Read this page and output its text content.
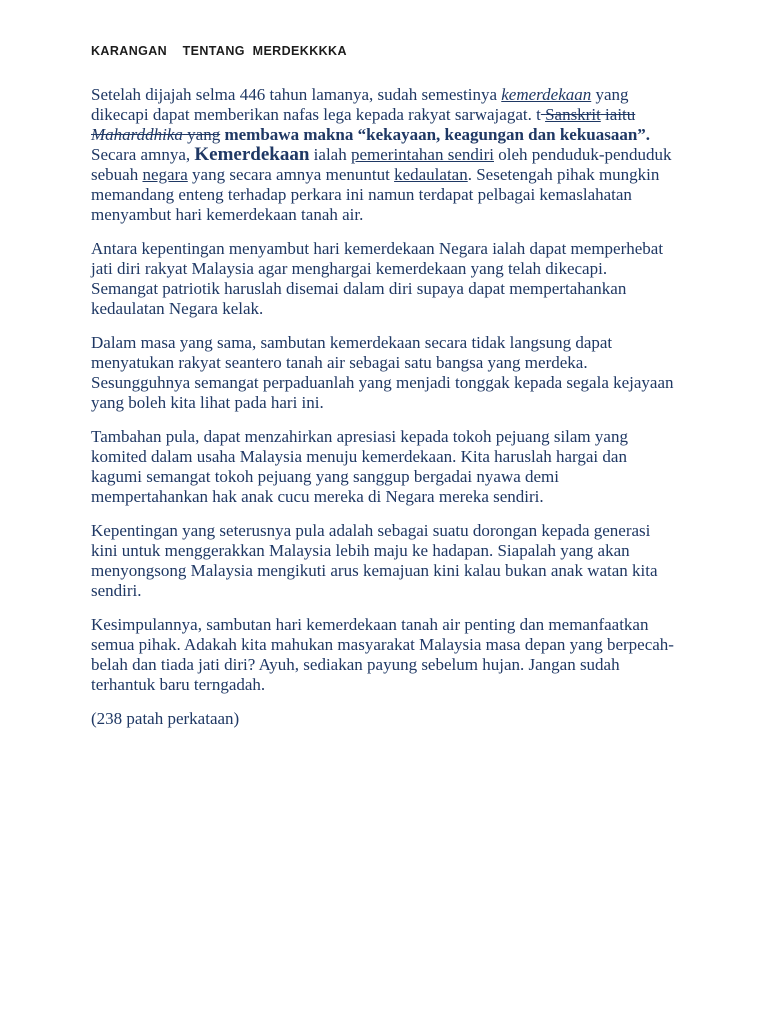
KARANGAN    TENTANG  MERDEKKKKA

Setelah dijajah selma 446 tahun lamanya, sudah semestinya kemerdekaan yang dikecapi dapat memberikan nafas lega kepada rakyat sarwajagat. t Sanskrit iaitu Maharddhika yang membawa makna “kekayaan, keagungan dan kekuasaan”. Secara amnya, Kemerdekaan ialah pemerintahan sendiri oleh penduduk-penduduk sebuah negara yang secara amnya menuntut kedaulatan. Sesetengah pihak mungkin memandang enteng terhadap perkara ini namun terdapat pelbagai kemaslahatan menyambut hari kemerdekaan tanah air.

Antara kepentingan menyambut hari kemerdekaan Negara ialah dapat memperhebat jati diri rakyat Malaysia agar menghargai kemerdekaan yang telah dikecapi. Semangat patriotik haruslah disemai dalam diri supaya dapat mempertahankan kedaulatan Negara kelak.

Dalam masa yang sama, sambutan kemerdekaan secara tidak langsung dapat menyatukan rakyat seantero tanah air sebagai satu bangsa yang merdeka. Sesungguhnya semangat perpaduanlah yang menjadi tonggak kepada segala kejayaan yang boleh kita lihat pada hari ini.

Tambahan pula, dapat menzahirkan apresiasi kepada tokoh pejuang silam yang komited dalam usaha Malaysia menuju kemerdekaan. Kita haruslah hargai dan kagumi semangat tokoh pejuang yang sanggup bergadai nyawa demi mempertahankan hak anak cucu mereka di Negara mereka sendiri.

Kepentingan yang seterusnya pula adalah sebagai suatu dorongan kepada generasi kini untuk menggerakkan Malaysia lebih maju ke hadapan. Siapalah yang akan menyongsong Malaysia mengikuti arus kemajuan kini kalau bukan anak watan kita sendiri.

Kesimpulannya, sambutan hari kemerdekaan tanah air penting dan memanfaatkan semua pihak. Adakah kita mahukan masyarakat Malaysia masa depan yang berpecah-belah dan tiada jati diri? Ayuh, sediakan payung sebelum hujan. Jangan sudah terhantuk baru terngadah.

(238 patah perkataan)
